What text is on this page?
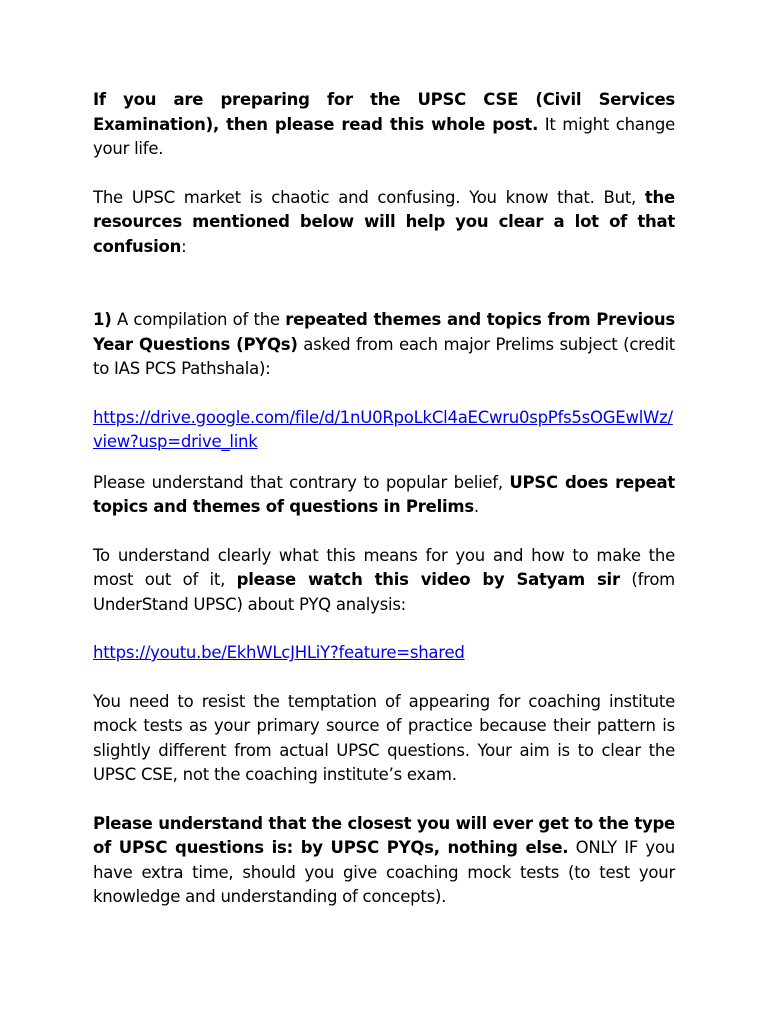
If you are preparing for the UPSC CSE (Civil Services Examination), then please read this whole post. It might change your life.

The UPSC market is chaotic and confusing. You know that. But, the resources mentioned below will help you clear a lot of that confusion:

1) A compilation of the repeated themes and topics from Previous Year Questions (PYQs) asked from each major Prelims subject (credit to IAS PCS Pathshala):

https://drive.google.com/file/d/1nU0RpoLkCl4aECwru0spPfs5sOGEwlWz/view?usp=drive_link

Please understand that contrary to popular belief, UPSC does repeat topics and themes of questions in Prelims.

To understand clearly what this means for you and how to make the most out of it, please watch this video by Satyam sir (from UnderStand UPSC) about PYQ analysis:

https://youtu.be/EkhWLcJHLiY?feature=shared

You need to resist the temptation of appearing for coaching institute mock tests as your primary source of practice because their pattern is slightly different from actual UPSC questions. Your aim is to clear the UPSC CSE, not the coaching institute’s exam.

Please understand that the closest you will ever get to the type of UPSC questions is: by UPSC PYQs, nothing else. ONLY IF you have extra time, should you give coaching mock tests (to test your knowledge and understanding of concepts).
